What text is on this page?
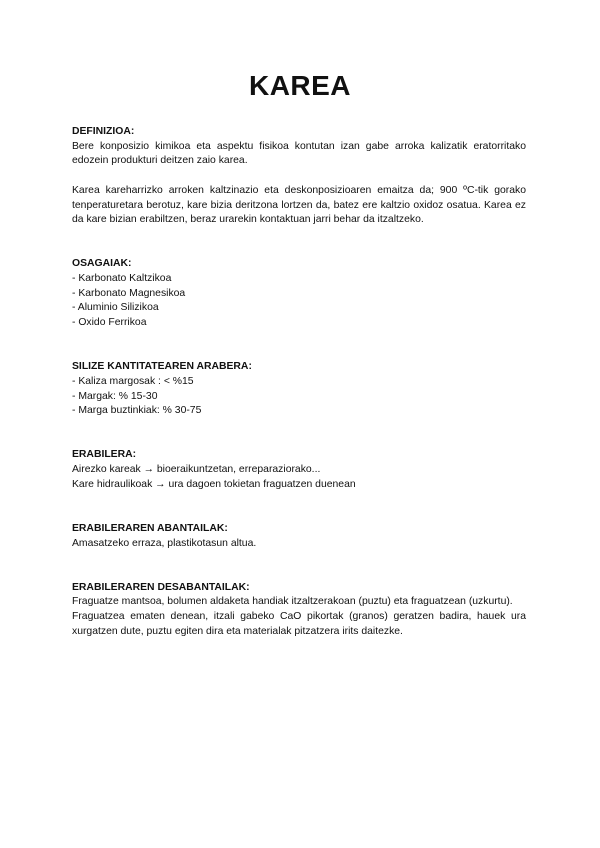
KAREA

DEFINIZIOA:

Bere konposizio kimikoa eta aspektu fisikoa kontutan izan gabe arroka kalizatik eratorritako edozein produkturi deitzen zaio karea.

Karea kareharrizko arroken kaltzinazio eta deskonposizioaren emaitza da; 900 ºC-tik gorako tenperaturetara berotuz, kare bizia deritzona lortzen da, batez ere kaltzio oxidoz osatua. Karea ez da kare bizian erabiltzen, beraz urarekin kontaktuan jarri behar da itzaltzeko.

OSAGAIAK:

- Karbonato Kaltzikoa

- Karbonato Magnesikoa

- Aluminio Silizikoa

- Oxido Ferrikoa

SILIZE KANTITATEAREN ARABERA:

- Kaliza margosak : < %15

- Margak: % 15-30

- Marga buztinkiak: % 30-75

ERABILERA:

Airezko kareak → bioeraikuntzetan, erreparaziorako...

Kare hidraulikoak → ura dagoen tokietan fraguatzen duenean

ERABILERAREN ABANTAILAK:

Amasatzeko erraza, plastikotasun altua.

ERABILERAREN DESABANTAILAK:

Fraguatze mantsoa, bolumen aldaketa handiak itzaltzerakoan (puztu) eta fraguatzean (uzkurtu).

Fraguatzea ematen denean, itzali gabeko CaO pikortak (granos) geratzen badira, hauek ura xurgatzen dute, puztu egiten dira eta materialak pitzatzera irits daitezke.
